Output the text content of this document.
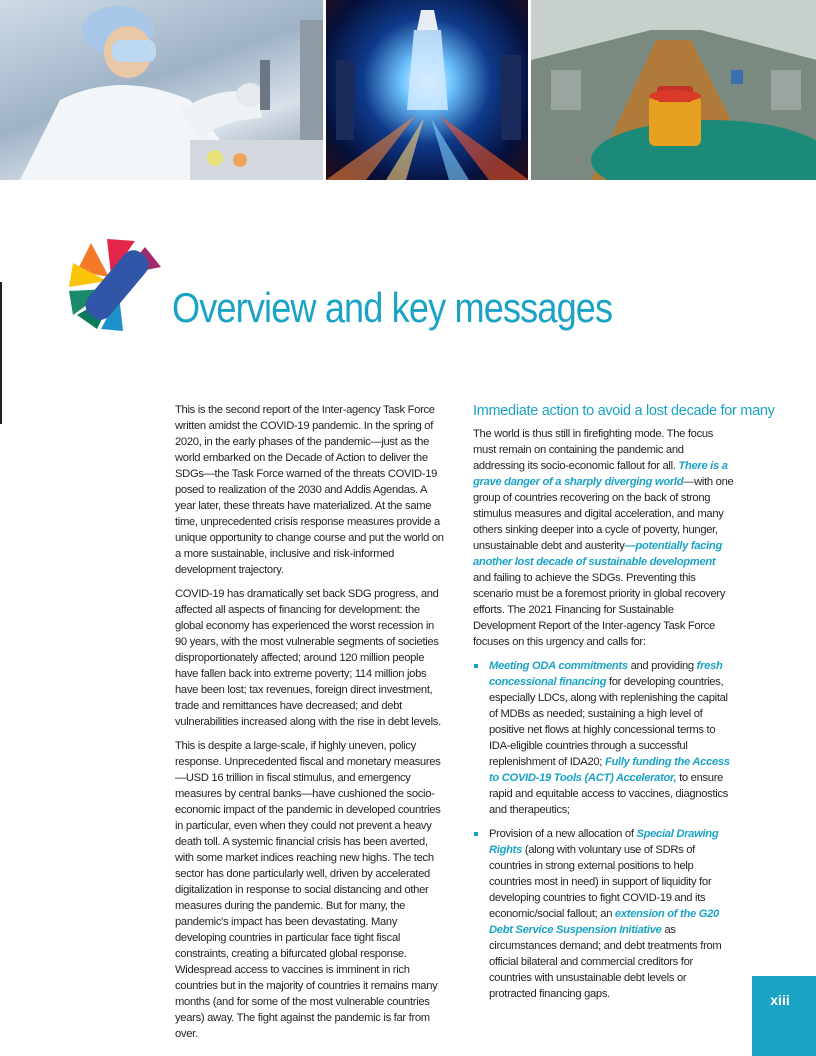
Overview and key messages

This is the second report of the Inter-agency Task Force written amidst the COVID-19 pandemic. In the spring of 2020, in the early phases of the pandemic—just as the world embarked on the Decade of Action to deliver the SDGs—the Task Force warned of the threats COVID-19 posed to realization of the 2030 and Addis Agendas. A year later, these threats have materialized. At the same time, unprecedented crisis response measures provide a unique opportunity to change course and put the world on a more sustainable, inclusive and risk-informed development trajectory.

COVID-19 has dramatically set back SDG progress, and affected all aspects of financing for development: the global economy has experienced the worst recession in 90 years, with the most vulnerable segments of societies disproportionately affected; around 120 million people have fallen back into extreme poverty; 114 million jobs have been lost; tax revenues, foreign direct investment, trade and remittances have decreased; and debt vulnerabilities increased along with the rise in debt levels.

This is despite a large-scale, if highly uneven, policy response. Unprecedented fiscal and monetary measures—USD 16 trillion in fiscal stimulus, and emergency measures by central banks—have cushioned the socio-economic impact of the pandemic in developed countries in particular, even when they could not prevent a heavy death toll. A systemic financial crisis has been averted, with some market indices reaching new highs. The tech sector has done particularly well, driven by accelerated digitalization in response to social distancing and other measures during the pandemic. But for many, the pandemic's impact has been devastating. Many developing countries in particular face tight fiscal constraints, creating a bifurcated global response. Widespread access to vaccines is imminent in rich countries but in the majority of countries it remains many months (and for some of the most vulnerable countries years) away. The fight against the pandemic is far from over.

Immediate action to avoid a lost decade for many

The world is thus still in firefighting mode. The focus must remain on containing the pandemic and addressing its socio-economic fallout for all. There is a grave danger of a sharply diverging world—with one group of countries recovering on the back of strong stimulus measures and digital acceleration, and many others sinking deeper into a cycle of poverty, hunger, unsustainable debt and austerity—potentially facing another lost decade of sustainable development and failing to achieve the SDGs. Preventing this scenario must be a foremost priority in global recovery efforts. The 2021 Financing for Sustainable Development Report of the Inter-agency Task Force focuses on this urgency and calls for:

Meeting ODA commitments and providing fresh concessional financing for developing countries, especially LDCs, along with replenishing the capital of MDBs as needed; sustaining a high level of positive net flows at highly concessional terms to IDA-eligible countries through a successful replenishment of IDA20; Fully funding the Access to COVID-19 Tools (ACT) Accelerator, to ensure rapid and equitable access to vaccines, diagnostics and therapeutics;
Provision of a new allocation of Special Drawing Rights (along with voluntary use of SDRs of countries in strong external positions to help countries most in need) in support of liquidity for developing countries to fight COVID-19 and its economic/social fallout; an extension of the G20 Debt Service Suspension Initiative as circumstances demand; and debt treatments from official bilateral and commercial creditors for countries with unsustainable debt levels or protracted financing gaps.	xiii
